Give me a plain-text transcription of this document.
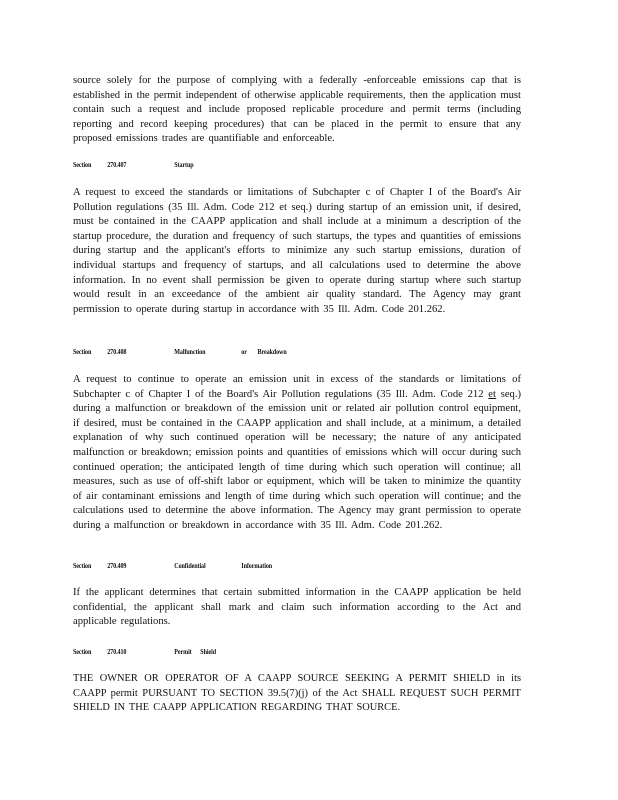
source solely for the purpose of complying with a federally -enforceable emissions cap that is established in the permit independent of otherwise applicable requirements, then the application must contain such a request and include proposed replicable procedure and permit terms (including reporting and record keeping procedures) that can be placed in the permit to ensure that any proposed emissions trades are quantifiable and enforceable.

Section 270.407	Startup

A request to exceed the standards or limitations of Subchapter c of Chapter I of the Board's Air Pollution regulations (35 Ill. Adm. Code 212 et seq.) during startup of an emission unit, if desired, must be contained in the CAAPP application and shall include at a minimum a description of the startup procedure, the duration and frequency of such startups, the types and quantities of emissions during startup and the applicant's efforts to minimize any such startup emissions, duration of individual startups and frequency of startups, and all calculations used to determine the above information. In no event shall permission be given to operate during startup where such startup would result in an exceedance of the ambient air quality standard. The Agency may grant permission to operate during startup in accordance with 35 Ill. Adm. Code 201.262.

Section 270.408	Malfunction	or Breakdown

A request to continue to operate an emission unit in excess of the standards or limitations of Subchapter c of Chapter I of the Board's Air Pollution regulations (35 Ill. Adm. Code 212 et seq.) during a malfunction or breakdown of the emission unit or related air pollution control equipment, if desired, must be contained in the CAAPP application and shall include, at a minimum, a detailed explanation of why such continued operation will be necessary; the nature of any anticipated malfunction or breakdown; emission points and quantities of emissions which will occur during such continued operation; the anticipated length of time during which such operation will continue; all measures, such as use of off-shift labor or equipment, which will be taken to minimize the quantity of air contaminant emissions and length of time during which such operation will continue; and the calculations used to determine the above information. The Agency may grant permission to operate during a malfunction or breakdown in accordance with 35 Ill. Adm. Code 201.262.

Section 270.409	Confidential	Information

If the applicant determines that certain submitted information in the CAAPP application be held confidential, the applicant shall mark and claim such information according to the Act and applicable regulations.

Section 270.410	Permit Shield

THE OWNER OR OPERATOR OF A CAAPP SOURCE SEEKING A PERMIT SHIELD in its CAAPP permit PURSUANT TO SECTION 39.5(7)(j) of the Act SHALL REQUEST SUCH PERMIT SHIELD IN THE CAAPP APPLICATION REGARDING THAT SOURCE.
